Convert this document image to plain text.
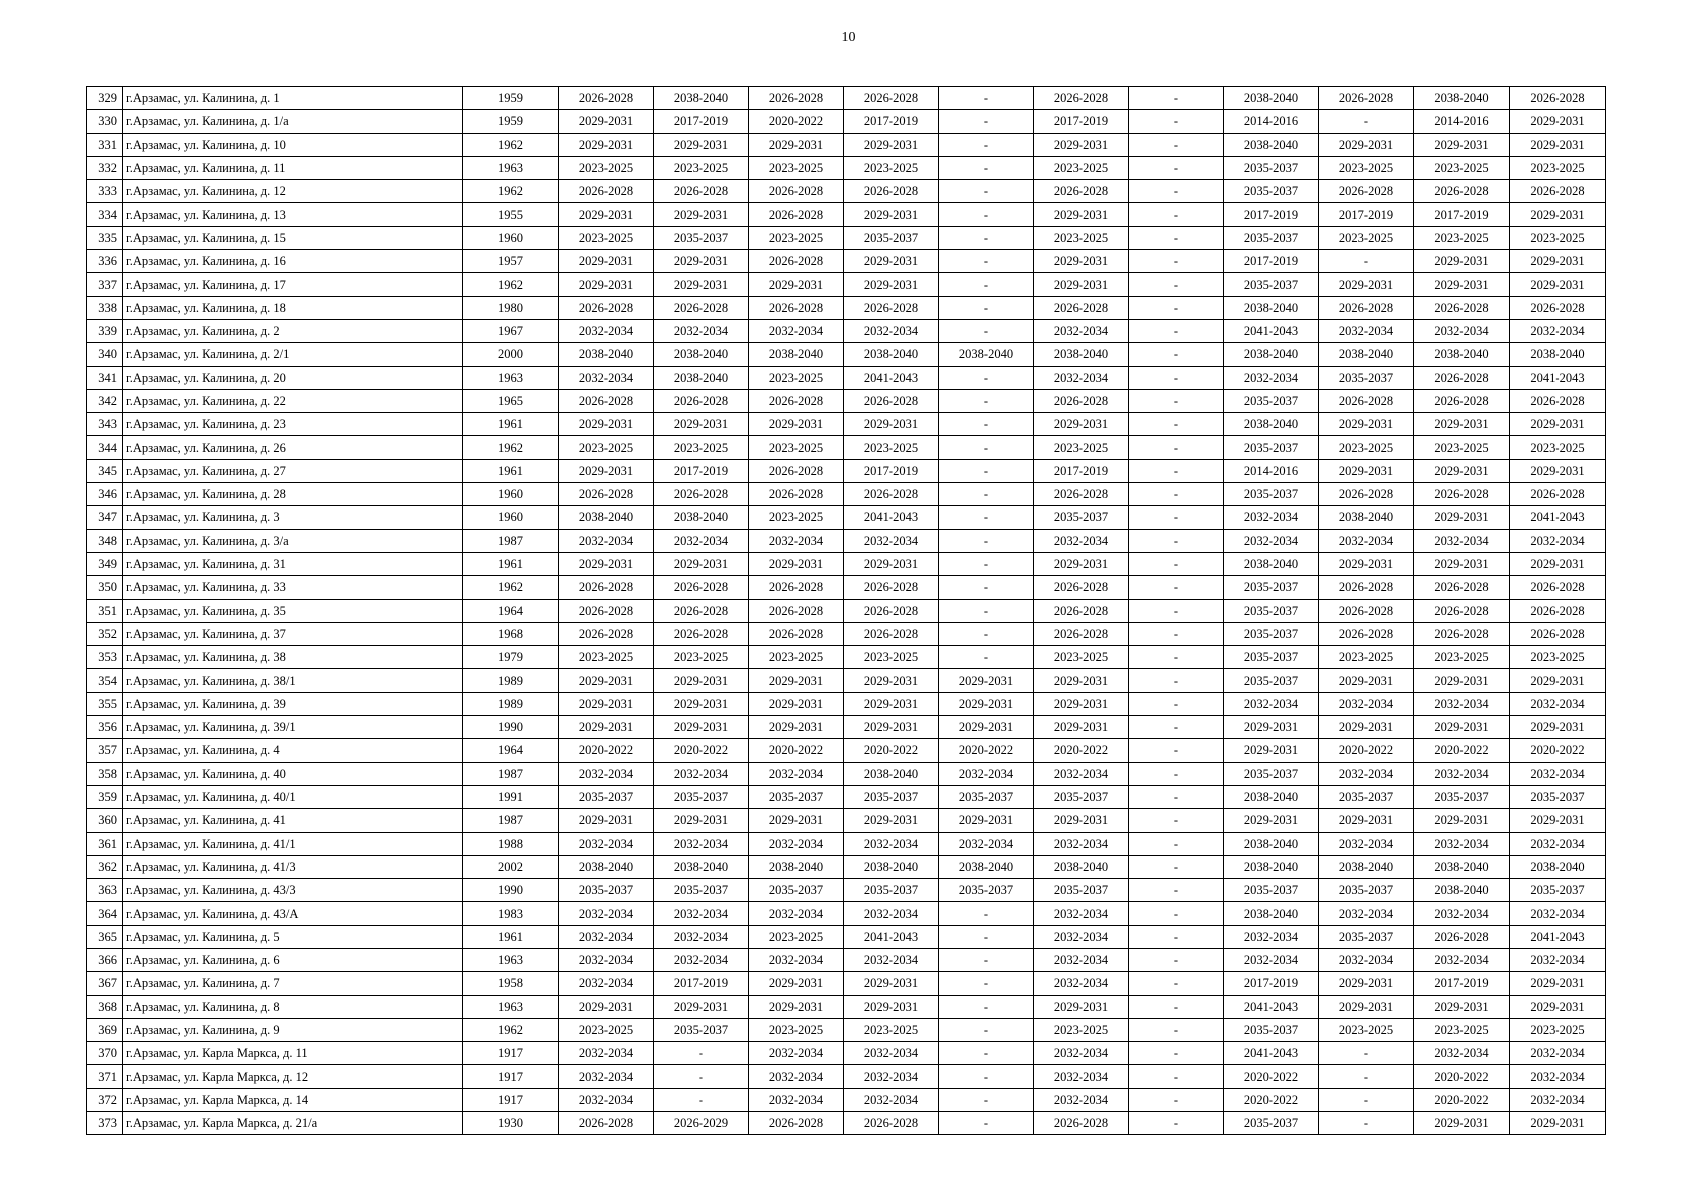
10
329	г.Арзамас, ул. Калинина, д. 1	1959	2026-2028	2038-2040	2026-2028	2026-2028	-	2026-2028	-	2038-2040	2026-2028	2038-2040	2026-2028
330	г.Арзамас, ул. Калинина, д. 1/а	1959	2029-2031	2017-2019	2020-2022	2017-2019	-	2017-2019	-	2014-2016	-	2014-2016	2029-2031
331	г.Арзамас, ул. Калинина, д. 10	1962	2029-2031	2029-2031	2029-2031	2029-2031	-	2029-2031	-	2038-2040	2029-2031	2029-2031	2029-2031
332	г.Арзамас, ул. Калинина, д. 11	1963	2023-2025	2023-2025	2023-2025	2023-2025	-	2023-2025	-	2035-2037	2023-2025	2023-2025	2023-2025
333	г.Арзамас, ул. Калинина, д. 12	1962	2026-2028	2026-2028	2026-2028	2026-2028	-	2026-2028	-	2035-2037	2026-2028	2026-2028	2026-2028
334	г.Арзамас, ул. Калинина, д. 13	1955	2029-2031	2029-2031	2026-2028	2029-2031	-	2029-2031	-	2017-2019	2017-2019	2017-2019	2029-2031
335	г.Арзамас, ул. Калинина, д. 15	1960	2023-2025	2035-2037	2023-2025	2035-2037	-	2023-2025	-	2035-2037	2023-2025	2023-2025	2023-2025
336	г.Арзамас, ул. Калинина, д. 16	1957	2029-2031	2029-2031	2026-2028	2029-2031	-	2029-2031	-	2017-2019	-	2029-2031	2029-2031
337	г.Арзамас, ул. Калинина, д. 17	1962	2029-2031	2029-2031	2029-2031	2029-2031	-	2029-2031	-	2035-2037	2029-2031	2029-2031	2029-2031
338	г.Арзамас, ул. Калинина, д. 18	1980	2026-2028	2026-2028	2026-2028	2026-2028	-	2026-2028	-	2038-2040	2026-2028	2026-2028	2026-2028
339	г.Арзамас, ул. Калинина, д. 2	1967	2032-2034	2032-2034	2032-2034	2032-2034	-	2032-2034	-	2041-2043	2032-2034	2032-2034	2032-2034
340	г.Арзамас, ул. Калинина, д. 2/1	2000	2038-2040	2038-2040	2038-2040	2038-2040	2038-2040	2038-2040	-	2038-2040	2038-2040	2038-2040	2038-2040
341	г.Арзамас, ул. Калинина, д. 20	1963	2032-2034	2038-2040	2023-2025	2041-2043	-	2032-2034	-	2032-2034	2035-2037	2026-2028	2041-2043
342	г.Арзамас, ул. Калинина, д. 22	1965	2026-2028	2026-2028	2026-2028	2026-2028	-	2026-2028	-	2035-2037	2026-2028	2026-2028	2026-2028
343	г.Арзамас, ул. Калинина, д. 23	1961	2029-2031	2029-2031	2029-2031	2029-2031	-	2029-2031	-	2038-2040	2029-2031	2029-2031	2029-2031
344	г.Арзамас, ул. Калинина, д. 26	1962	2023-2025	2023-2025	2023-2025	2023-2025	-	2023-2025	-	2035-2037	2023-2025	2023-2025	2023-2025
345	г.Арзамас, ул. Калинина, д. 27	1961	2029-2031	2017-2019	2026-2028	2017-2019	-	2017-2019	-	2014-2016	2029-2031	2029-2031	2029-2031
346	г.Арзамас, ул. Калинина, д. 28	1960	2026-2028	2026-2028	2026-2028	2026-2028	-	2026-2028	-	2035-2037	2026-2028	2026-2028	2026-2028
347	г.Арзамас, ул. Калинина, д. 3	1960	2038-2040	2038-2040	2023-2025	2041-2043	-	2035-2037	-	2032-2034	2038-2040	2029-2031	2041-2043
348	г.Арзамас, ул. Калинина, д. 3/а	1987	2032-2034	2032-2034	2032-2034	2032-2034	-	2032-2034	-	2032-2034	2032-2034	2032-2034	2032-2034
349	г.Арзамас, ул. Калинина, д. 31	1961	2029-2031	2029-2031	2029-2031	2029-2031	-	2029-2031	-	2038-2040	2029-2031	2029-2031	2029-2031
350	г.Арзамас, ул. Калинина, д. 33	1962	2026-2028	2026-2028	2026-2028	2026-2028	-	2026-2028	-	2035-2037	2026-2028	2026-2028	2026-2028
351	г.Арзамас, ул. Калинина, д. 35	1964	2026-2028	2026-2028	2026-2028	2026-2028	-	2026-2028	-	2035-2037	2026-2028	2026-2028	2026-2028
352	г.Арзамас, ул. Калинина, д. 37	1968	2026-2028	2026-2028	2026-2028	2026-2028	-	2026-2028	-	2035-2037	2026-2028	2026-2028	2026-2028
353	г.Арзамас, ул. Калинина, д. 38	1979	2023-2025	2023-2025	2023-2025	2023-2025	-	2023-2025	-	2035-2037	2023-2025	2023-2025	2023-2025
354	г.Арзамас, ул. Калинина, д. 38/1	1989	2029-2031	2029-2031	2029-2031	2029-2031	2029-2031	2029-2031	-	2035-2037	2029-2031	2029-2031	2029-2031
355	г.Арзамас, ул. Калинина, д. 39	1989	2029-2031	2029-2031	2029-2031	2029-2031	2029-2031	2029-2031	-	2032-2034	2032-2034	2032-2034	2032-2034
356	г.Арзамас, ул. Калинина, д. 39/1	1990	2029-2031	2029-2031	2029-2031	2029-2031	2029-2031	2029-2031	-	2029-2031	2029-2031	2029-2031	2029-2031
357	г.Арзамас, ул. Калинина, д. 4	1964	2020-2022	2020-2022	2020-2022	2020-2022	2020-2022	2020-2022	-	2029-2031	2020-2022	2020-2022	2020-2022
358	г.Арзамас, ул. Калинина, д. 40	1987	2032-2034	2032-2034	2032-2034	2038-2040	2032-2034	2032-2034	-	2035-2037	2032-2034	2032-2034	2032-2034
359	г.Арзамас, ул. Калинина, д. 40/1	1991	2035-2037	2035-2037	2035-2037	2035-2037	2035-2037	2035-2037	-	2038-2040	2035-2037	2035-2037	2035-2037
360	г.Арзамас, ул. Калинина, д. 41	1987	2029-2031	2029-2031	2029-2031	2029-2031	2029-2031	2029-2031	-	2029-2031	2029-2031	2029-2031	2029-2031
361	г.Арзамас, ул. Калинина, д. 41/1	1988	2032-2034	2032-2034	2032-2034	2032-2034	2032-2034	2032-2034	-	2038-2040	2032-2034	2032-2034	2032-2034
362	г.Арзамас, ул. Калинина, д. 41/3	2002	2038-2040	2038-2040	2038-2040	2038-2040	2038-2040	2038-2040	-	2038-2040	2038-2040	2038-2040	2038-2040
363	г.Арзамас, ул. Калинина, д. 43/3	1990	2035-2037	2035-2037	2035-2037	2035-2037	2035-2037	2035-2037	-	2035-2037	2035-2037	2038-2040	2035-2037
364	г.Арзамас, ул. Калинина, д. 43/А	1983	2032-2034	2032-2034	2032-2034	2032-2034	-	2032-2034	-	2038-2040	2032-2034	2032-2034	2032-2034
365	г.Арзамас, ул. Калинина, д. 5	1961	2032-2034	2032-2034	2023-2025	2041-2043	-	2032-2034	-	2032-2034	2035-2037	2026-2028	2041-2043
366	г.Арзамас, ул. Калинина, д. 6	1963	2032-2034	2032-2034	2032-2034	2032-2034	-	2032-2034	-	2032-2034	2032-2034	2032-2034	2032-2034
367	г.Арзамас, ул. Калинина, д. 7	1958	2032-2034	2017-2019	2029-2031	2029-2031	-	2032-2034	-	2017-2019	2029-2031	2017-2019	2029-2031
368	г.Арзамас, ул. Калинина, д. 8	1963	2029-2031	2029-2031	2029-2031	2029-2031	-	2029-2031	-	2041-2043	2029-2031	2029-2031	2029-2031
369	г.Арзамас, ул. Калинина, д. 9	1962	2023-2025	2035-2037	2023-2025	2023-2025	-	2023-2025	-	2035-2037	2023-2025	2023-2025	2023-2025
370	г.Арзамас, ул. Карла Маркса, д. 11	1917	2032-2034	-	2032-2034	2032-2034	-	2032-2034	-	2041-2043	-	2032-2034	2032-2034
371	г.Арзамас, ул. Карла Маркса, д. 12	1917	2032-2034	-	2032-2034	2032-2034	-	2032-2034	-	2020-2022	-	2020-2022	2032-2034
372	г.Арзамас, ул. Карла Маркса, д. 14	1917	2032-2034	-	2032-2034	2032-2034	-	2032-2034	-	2020-2022	-	2020-2022	2032-2034
373	г.Арзамас, ул. Карла Маркса, д. 21/а	1930	2026-2028	2026-2029	2026-2028	2026-2028	-	2026-2028	-	2035-2037	-	2029-2031	2029-2031
